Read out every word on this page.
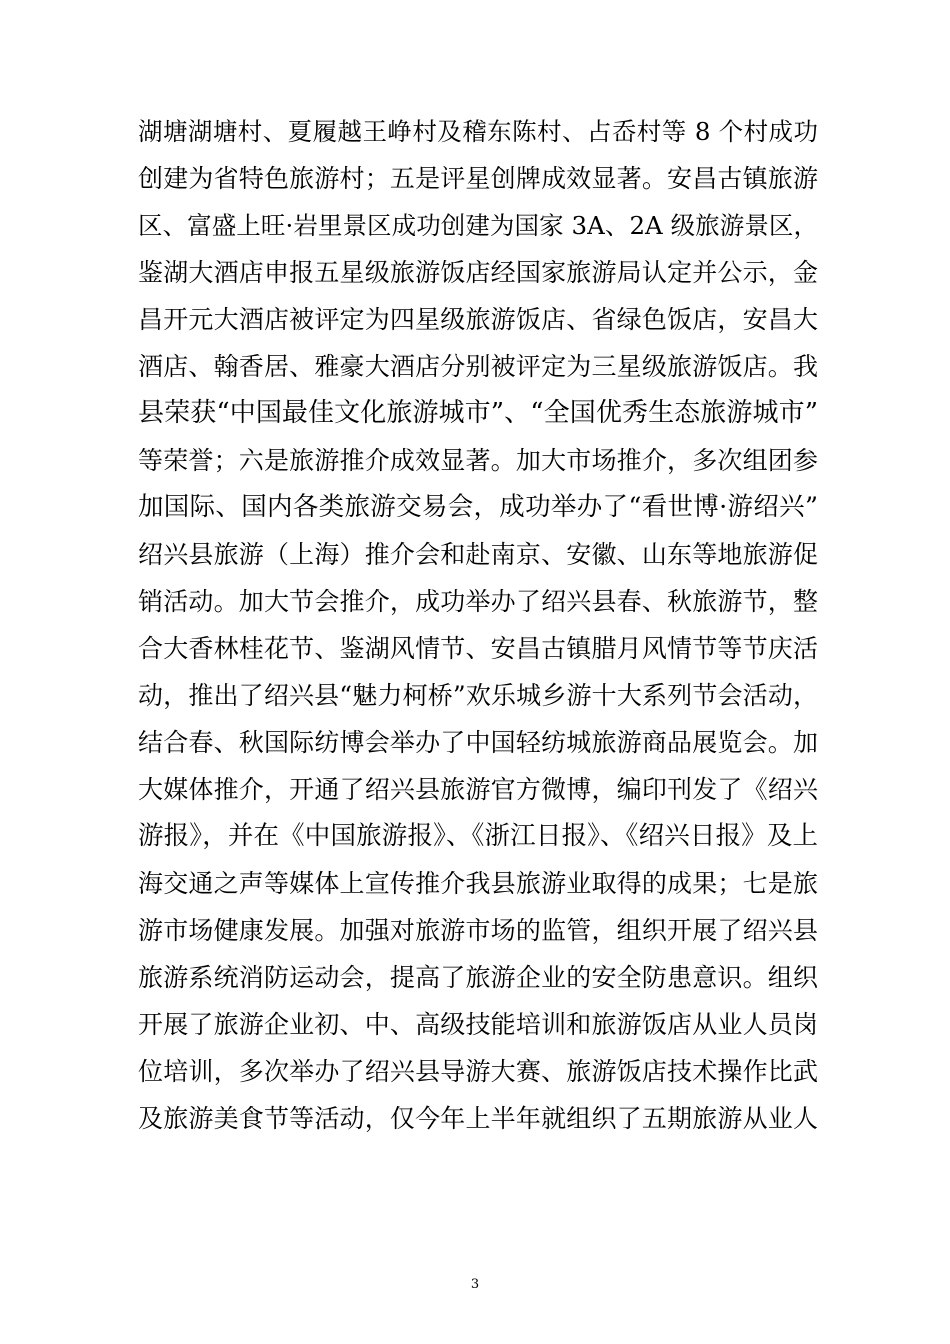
湖塘湖塘村、夏履越王峥村及稽东陈村、占岙村等 8 个村成功
创建为省特色旅游村；五是评星创牌成效显著。安昌古镇旅游
区、富盛上旺·岩里景区成功创建为国家 3A、2A 级旅游景区，
鉴湖大酒店申报五星级旅游饭店经国家旅游局认定并公示，金
昌开元大酒店被评定为四星级旅游饭店、省绿色饭店，安昌大
酒店、翰香居、雅豪大酒店分别被评定为三星级旅游饭店。我
县荣获“中国最佳文化旅游城市”、“全国优秀生态旅游城市”
等荣誉；六是旅游推介成效显著。加大市场推介，多次组团参
加国际、国内各类旅游交易会，成功举办了“看世博·游绍兴”
绍兴县旅游（上海）推介会和赴南京、安徽、山东等地旅游促
销活动。加大节会推介，成功举办了绍兴县春、秋旅游节，整
合大香林桂花节、鉴湖风情节、安昌古镇腊月风情节等节庆活
动，推出了绍兴县“魅力柯桥”欢乐城乡游十大系列节会活动，
结合春、秋国际纺博会举办了中国轻纺城旅游商品展览会。加
大媒体推介，开通了绍兴县旅游官方微博，编印刊发了《绍兴
游报》，并在《中国旅游报》、《浙江日报》、《绍兴日报》及上
海交通之声等媒体上宣传推介我县旅游业取得的成果；七是旅
游市场健康发展。加强对旅游市场的监管，组织开展了绍兴县
旅游系统消防运动会，提高了旅游企业的安全防患意识。组织
开展了旅游企业初、中、高级技能培训和旅游饭店从业人员岗
位培训，多次举办了绍兴县导游大赛、旅游饭店技术操作比武
及旅游美食节等活动，仅今年上半年就组织了五期旅游从业人
3
